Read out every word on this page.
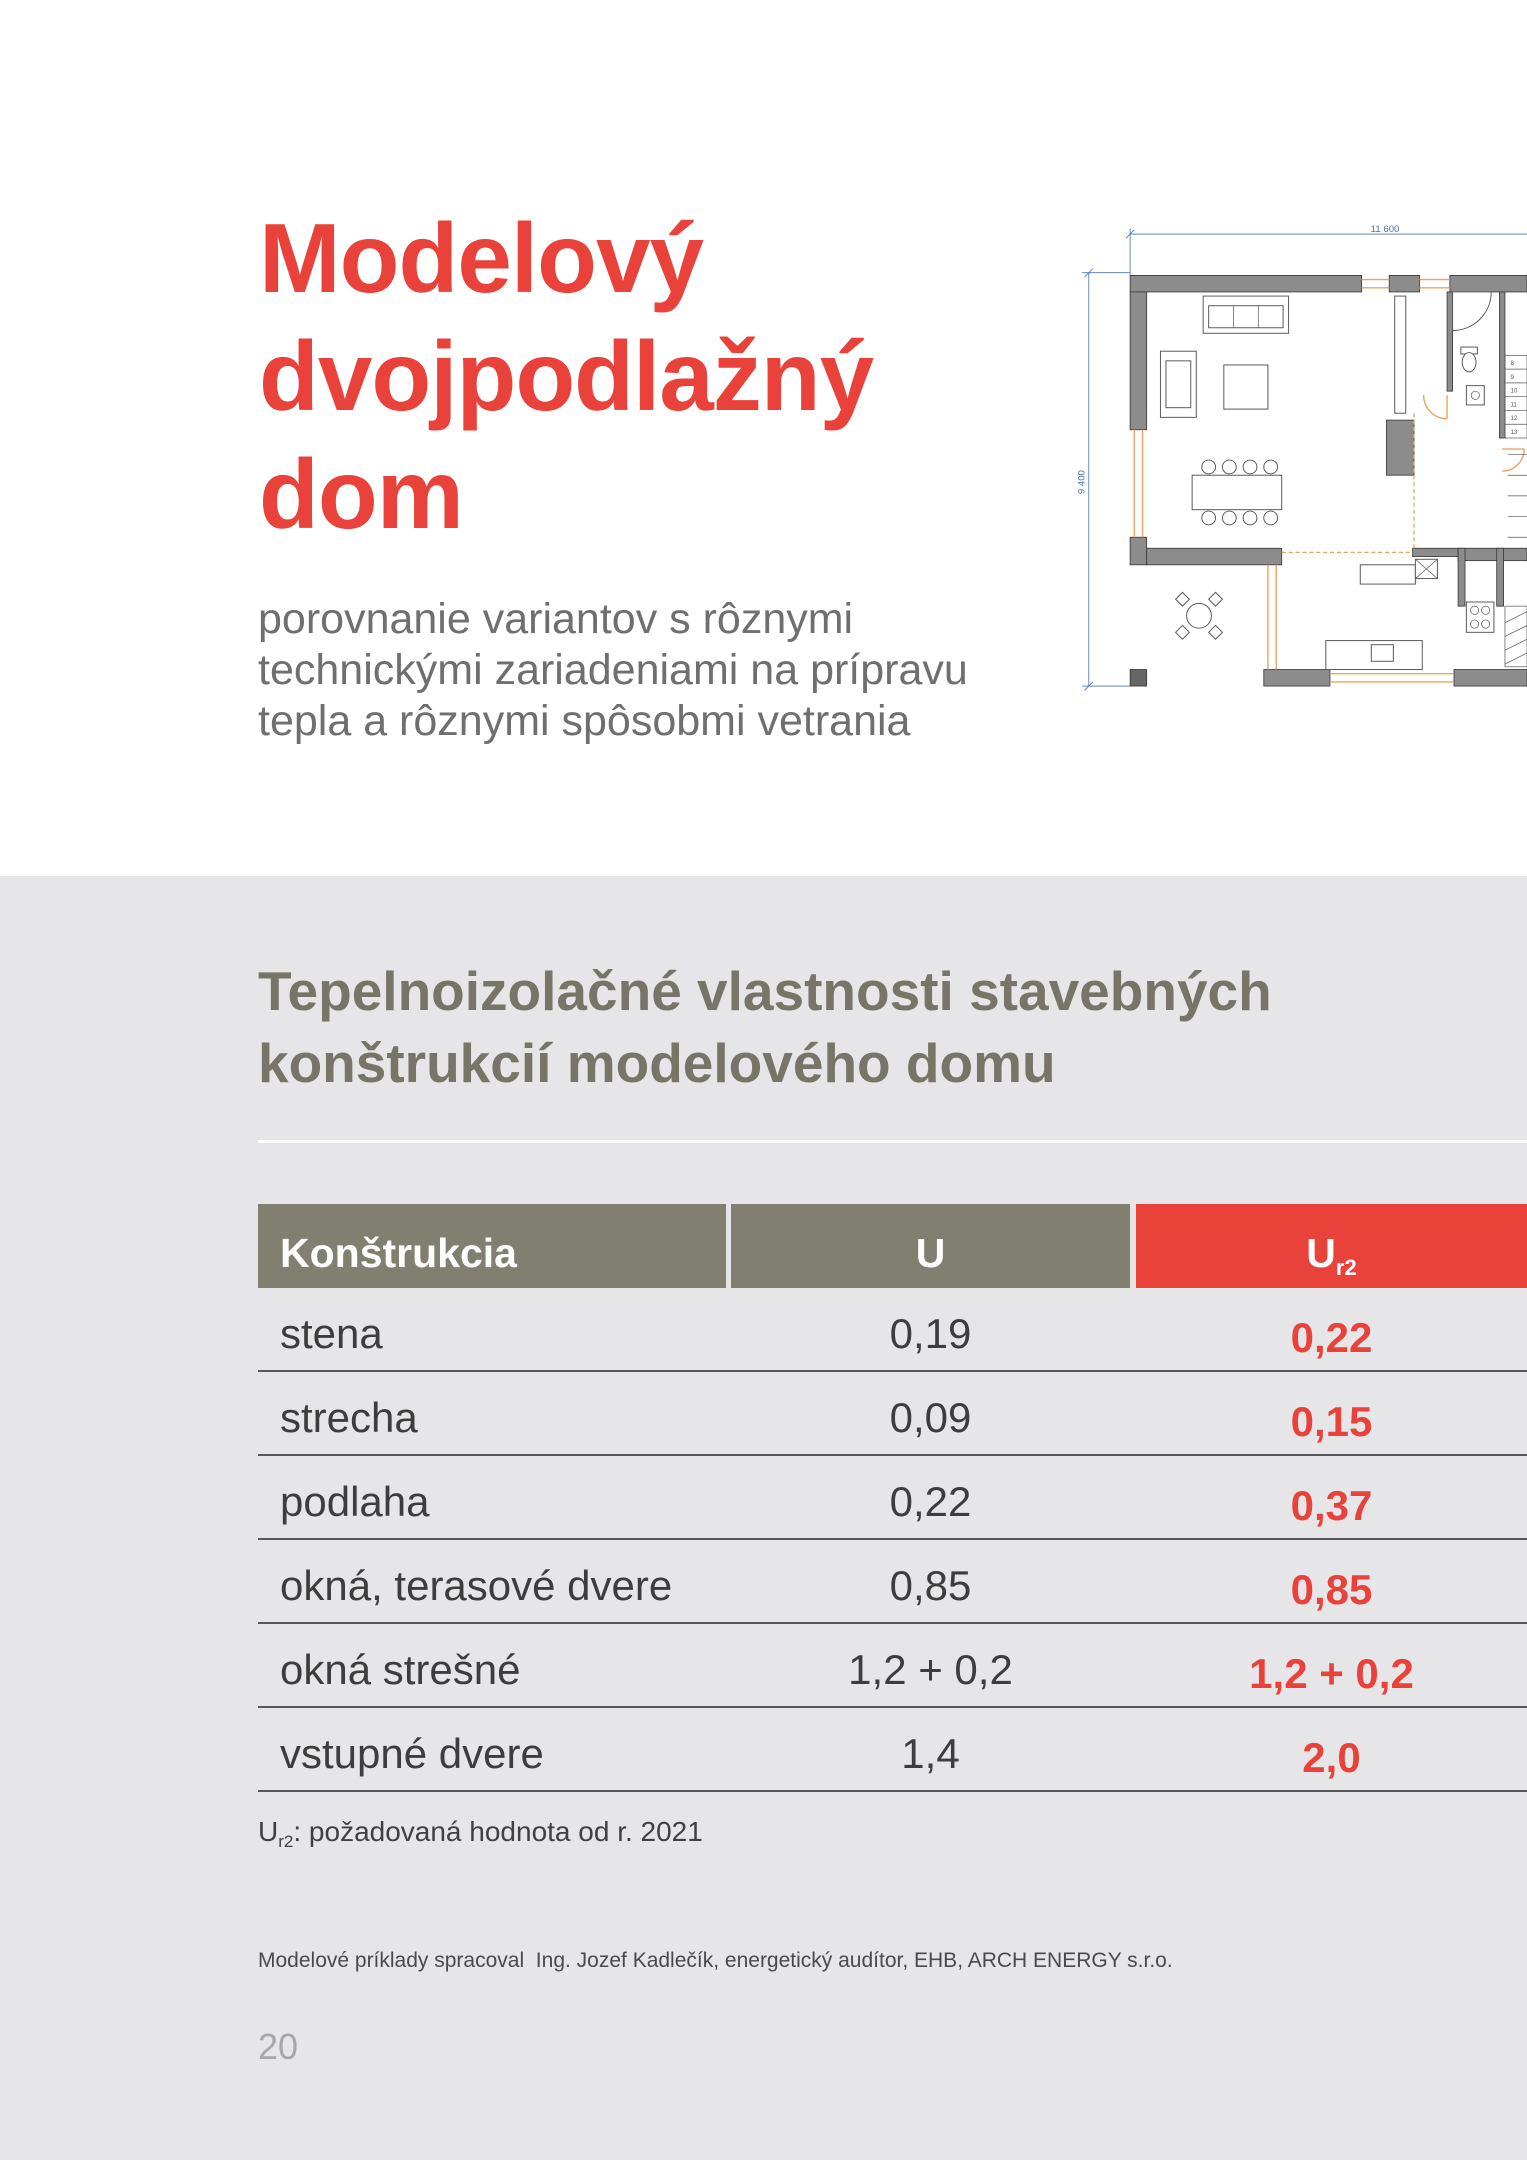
Modelový
dvojpodlažný
dom

porovnanie variantov s rôznymi
technickými zariadeniami na prípravu
tepla a rôznymi spôsobmi vetrania

11 600
9 400
8
9
10
11
12
13
Tepelnoizolačné vlastnosti stavebných
konštrukcií modelového domu
Konštrukcia	U	Ur2
stena	0,19	0,22
strecha	0,09	0,15
podlaha	0,22	0,37
okná, terasové dvere	0,85	0,85
okná strešné	1,2 + 0,2	1,2 + 0,2
vstupné dvere	1,4	2,0
$U_{r2}$: požadovaná hodnota od r. 2021
Modelové príklady spracoval  Ing. Jozef Kadlečík, energetický audítor, EHB, ARCH ENERGY s.r.o.
20
